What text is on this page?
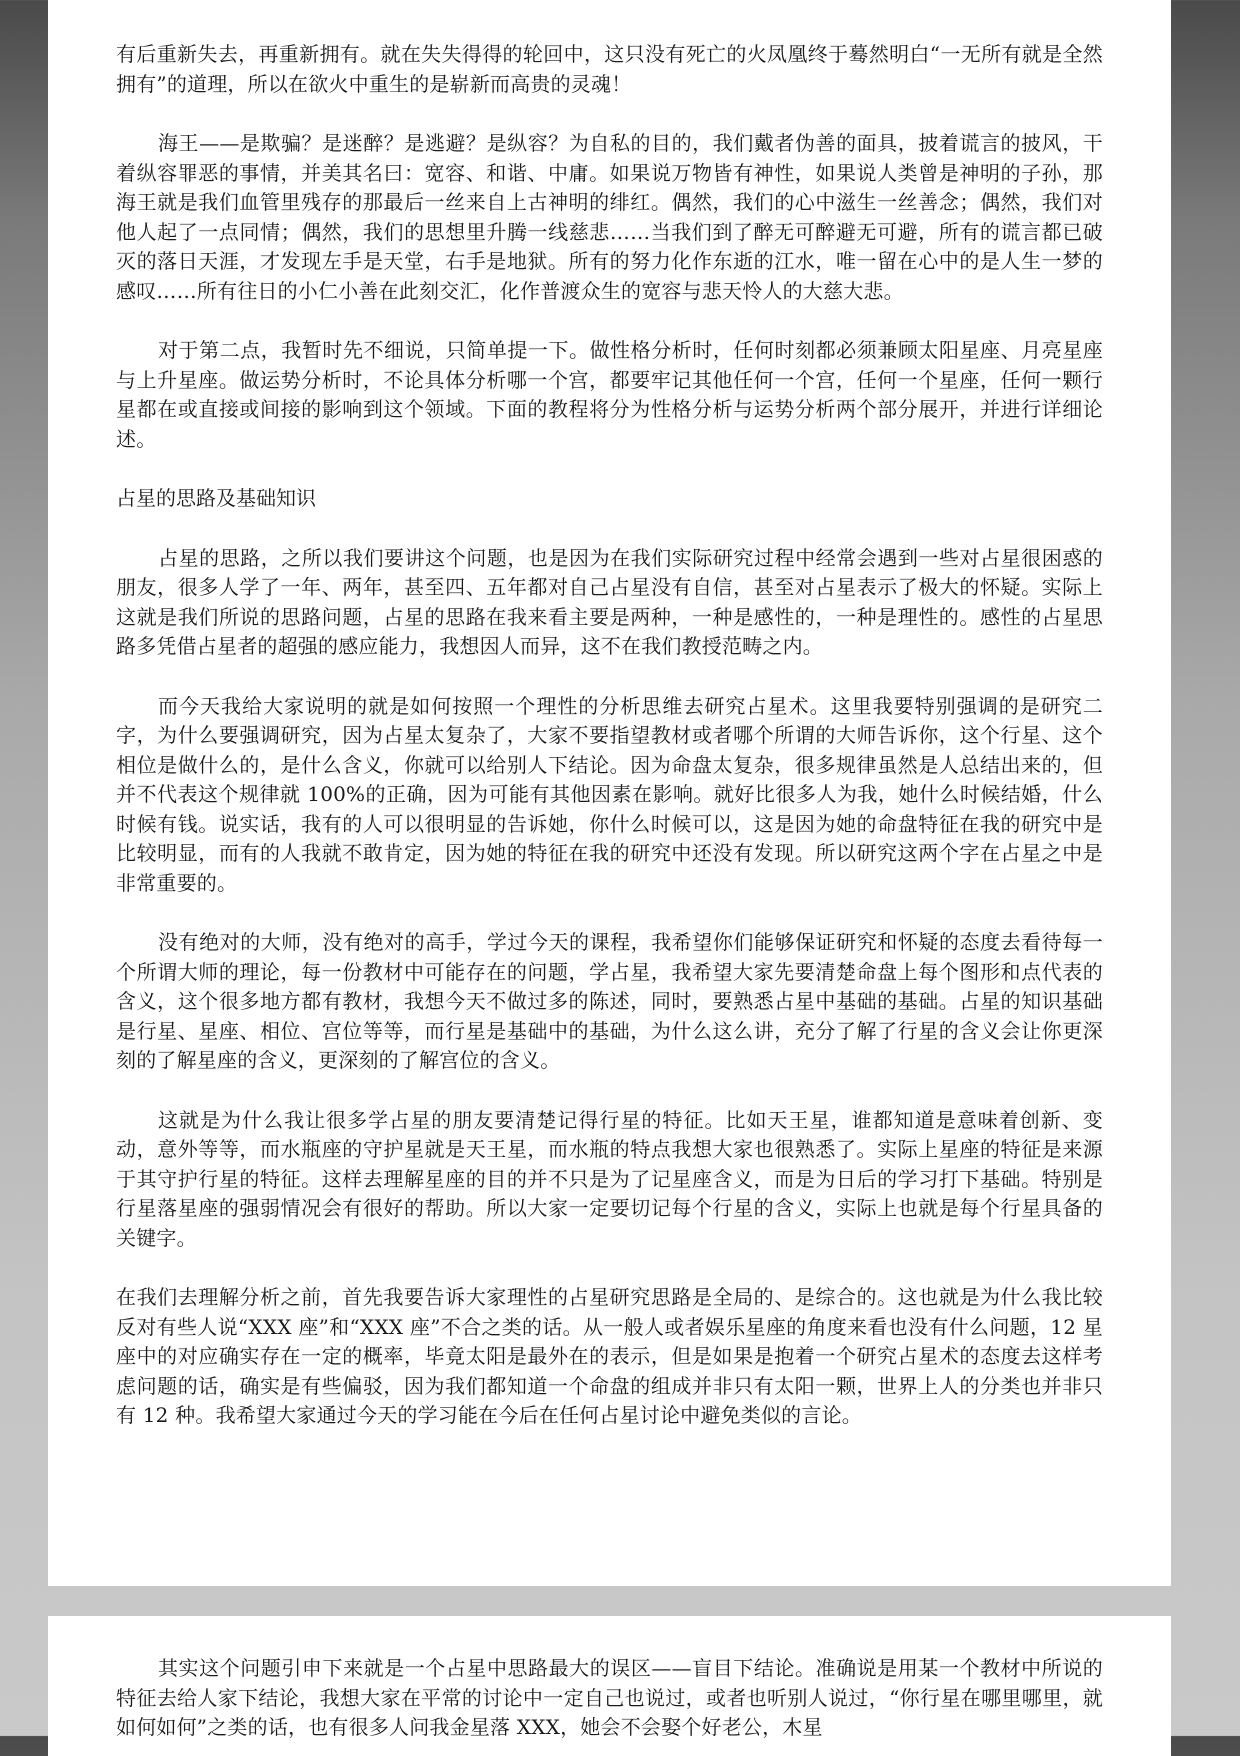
有后重新失去，再重新拥有。就在失失得得的轮回中，这只没有死亡的火凤凰终于蓦然明白“一无所有就是全然拥有”的道理，所以在欲火中重生的是崭新而高贵的灵魂！

海王——是欺骗？是迷醉？是逃避？是纵容？为自私的目的，我们戴者伪善的面具，披着谎言的披风，干着纵容罪恶的事情，并美其名曰：宽容、和谐、中庸。如果说万物皆有神性，如果说人类曾是神明的子孙，那海王就是我们血管里残存的那最后一丝来自上古神明的绯红。偶然，我们的心中滋生一丝善念；偶然，我们对他人起了一点同情；偶然，我们的思想里升腾一线慈悲……当我们到了醉无可醉避无可避，所有的谎言都已破灭的落日天涯，才发现左手是天堂，右手是地狱。所有的努力化作东逝的江水，唯一留在心中的是人生一梦的感叹……所有往日的小仁小善在此刻交汇，化作普渡众生的宽容与悲天怜人的大慈大悲。

对于第二点，我暂时先不细说，只简单提一下。做性格分析时，任何时刻都必须兼顾太阳星座、月亮星座与上升星座。做运势分析时，不论具体分析哪一个宫，都要牢记其他任何一个宫，任何一个星座，任何一颗行星都在或直接或间接的影响到这个领域。下面的教程将分为性格分析与运势分析两个部分展开，并进行详细论述。

占星的思路及基础知识

占星的思路，之所以我们要讲这个问题，也是因为在我们实际研究过程中经常会遇到一些对占星很困惑的朋友，很多人学了一年、两年，甚至四、五年都对自己占星没有自信，甚至对占星表示了极大的怀疑。实际上这就是我们所说的思路问题，占星的思路在我来看主要是两种，一种是感性的，一种是理性的。感性的占星思路多凭借占星者的超强的感应能力，我想因人而异，这不在我们教授范畴之内。

而今天我给大家说明的就是如何按照一个理性的分析思维去研究占星术。这里我要特别强调的是研究二字，为什么要强调研究，因为占星太复杂了，大家不要指望教材或者哪个所谓的大师告诉你，这个行星、这个相位是做什么的，是什么含义，你就可以给别人下结论。因为命盘太复杂，很多规律虽然是人总结出来的，但并不代表这个规律就 100%的正确，因为可能有其他因素在影响。就好比很多人为我，她什么时候结婚，什么时候有钱。说实话，我有的人可以很明显的告诉她，你什么时候可以，这是因为她的命盘特征在我的研究中是比较明显，而有的人我就不敢肯定，因为她的特征在我的研究中还没有发现。所以研究这两个字在占星之中是非常重要的。

没有绝对的大师，没有绝对的高手，学过今天的课程，我希望你们能够保证研究和怀疑的态度去看待每一个所谓大师的理论，每一份教材中可能存在的问题，学占星，我希望大家先要清楚命盘上每个图形和点代表的含义，这个很多地方都有教材，我想今天不做过多的陈述，同时，要熟悉占星中基础的基础。占星的知识基础是行星、星座、相位、宫位等等，而行星是基础中的基础，为什么这么讲，充分了解了行星的含义会让你更深刻的了解星座的含义，更深刻的了解宫位的含义。

这就是为什么我让很多学占星的朋友要清楚记得行星的特征。比如天王星，谁都知道是意味着创新、变动，意外等等，而水瓶座的守护星就是天王星，而水瓶的特点我想大家也很熟悉了。实际上星座的特征是来源于其守护行星的特征。这样去理解星座的目的并不只是为了记星座含义，而是为日后的学习打下基础。特别是行星落星座的强弱情况会有很好的帮助。所以大家一定要切记每个行星的含义，实际上也就是每个行星具备的关键字。

在我们去理解分析之前，首先我要告诉大家理性的占星研究思路是全局的、是综合的。这也就是为什么我比较反对有些人说“XXX 座”和“XXX 座”不合之类的话。从一般人或者娱乐星座的角度来看也没有什么问题，12 星座中的对应确实存在一定的概率，毕竟太阳是最外在的表示，但是如果是抱着一个研究占星术的态度去这样考虑问题的话，确实是有些偏驳，因为我们都知道一个命盘的组成并非只有太阳一颗，世界上人的分类也并非只有 12 种。我希望大家通过今天的学习能在今后在任何占星讨论中避免类似的言论。

其实这个问题引申下来就是一个占星中思路最大的误区——盲目下结论。准确说是用某一个教材中所说的特征去给人家下结论，我想大家在平常的讨论中一定自己也说过，或者也听别人说过，“你行星在哪里哪里，就如何如何”之类的话，也有很多人问我金星落 XXX，她会不会娶个好老公，木星
